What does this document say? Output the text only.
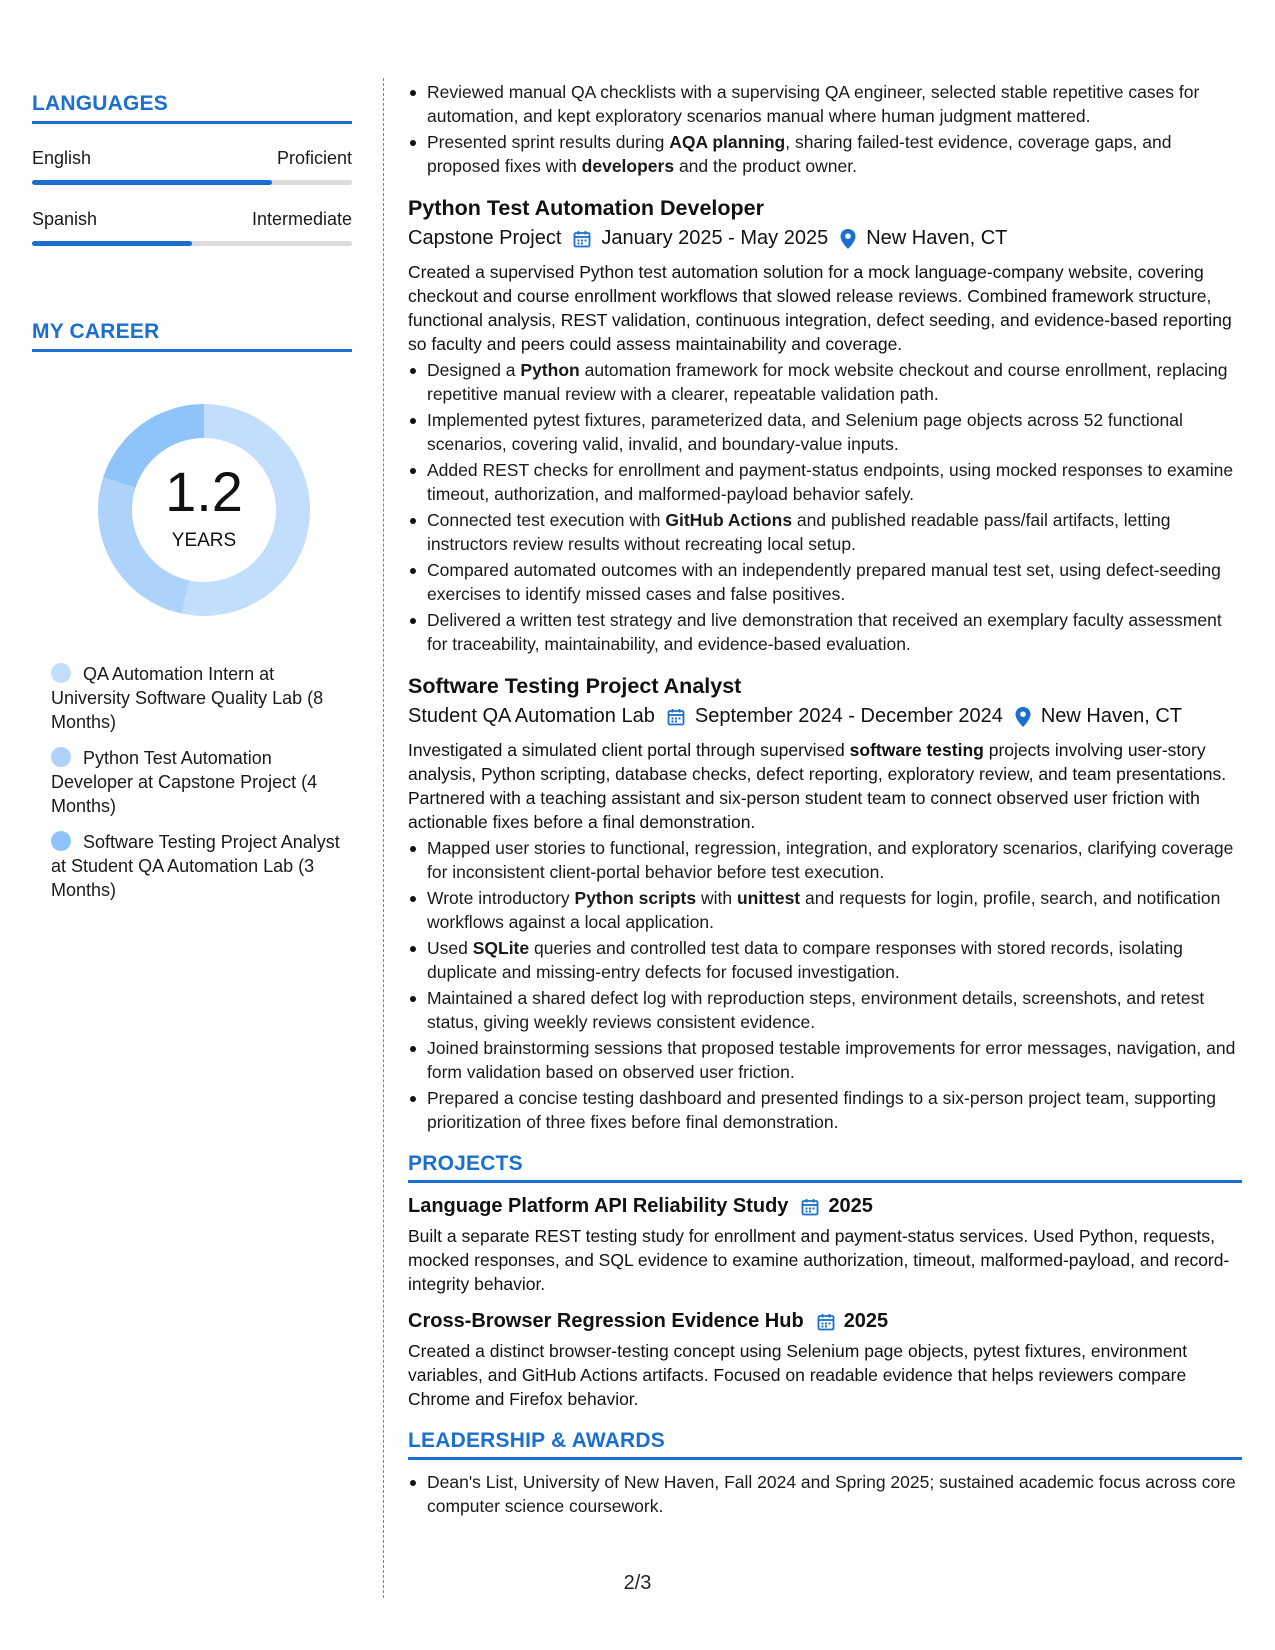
LANGUAGES
English	Proficient
Spanish	Intermediate
MY CAREER
1.2
YEARS
QA Automation Intern at University Software Quality Lab (8 Months)
Python Test Automation Developer at Capstone Project (4 Months)
Software Testing Project Analyst at Student QA Automation Lab (3 Months)
Reviewed manual QA checklists with a supervising QA engineer, selected stable repetitive cases for automation, and kept exploratory scenarios manual where human judgment mattered.
Presented sprint results during AQA planning, sharing failed-test evidence, coverage gaps, and proposed fixes with developers and the product owner.
Python Test Automation Developer
Capstone Project January 2025 - May 2025 New Haven, CT

Created a supervised Python test automation solution for a mock language-company website, covering checkout and course enrollment workflows that slowed release reviews. Combined framework structure, functional analysis, REST validation, continuous integration, defect seeding, and evidence-based reporting so faculty and peers could assess maintainability and coverage.

Designed a Python automation framework for mock website checkout and course enrollment, replacing repetitive manual review with a clearer, repeatable validation path.
Implemented pytest fixtures, parameterized data, and Selenium page objects across 52 functional scenarios, covering valid, invalid, and boundary-value inputs.
Added REST checks for enrollment and payment-status endpoints, using mocked responses to examine timeout, authorization, and malformed-payload behavior safely.
Connected test execution with GitHub Actions and published readable pass/fail artifacts, letting instructors review results without recreating local setup.
Compared automated outcomes with an independently prepared manual test set, using defect-seeding exercises to identify missed cases and false positives.
Delivered a written test strategy and live demonstration that received an exemplary faculty assessment for traceability, maintainability, and evidence-based evaluation.
Software Testing Project Analyst
Student QA Automation Lab September 2024 - December 2024 New Haven, CT

Investigated a simulated client portal through supervised software testing projects involving user-story analysis, Python scripting, database checks, defect reporting, exploratory review, and team presentations. Partnered with a teaching assistant and six-person student team to connect observed user friction with actionable fixes before a final demonstration.

Mapped user stories to functional, regression, integration, and exploratory scenarios, clarifying coverage for inconsistent client-portal behavior before test execution.
Wrote introductory Python scripts with unittest and requests for login, profile, search, and notification workflows against a local application.
Used SQLite queries and controlled test data to compare responses with stored records, isolating duplicate and missing-entry defects for focused investigation.
Maintained a shared defect log with reproduction steps, environment details, screenshots, and retest status, giving weekly reviews consistent evidence.
Joined brainstorming sessions that proposed testable improvements for error messages, navigation, and form validation based on observed user friction.
Prepared a concise testing dashboard and presented findings to a six-person project team, supporting prioritization of three fixes before final demonstration.
PROJECTS
Language Platform API Reliability Study 2025

Built a separate REST testing study for enrollment and payment-status services. Used Python, requests, mocked responses, and SQL evidence to examine authorization, timeout, malformed-payload, and record-integrity behavior.

Cross-Browser Regression Evidence Hub 2025

Created a distinct browser-testing concept using Selenium page objects, pytest fixtures, environment variables, and GitHub Actions artifacts. Focused on readable evidence that helps reviewers compare Chrome and Firefox behavior.

LEADERSHIP & AWARDS
Dean's List, University of New Haven, Fall 2024 and Spring 2025; sustained academic focus across core computer science coursework.
2/3
